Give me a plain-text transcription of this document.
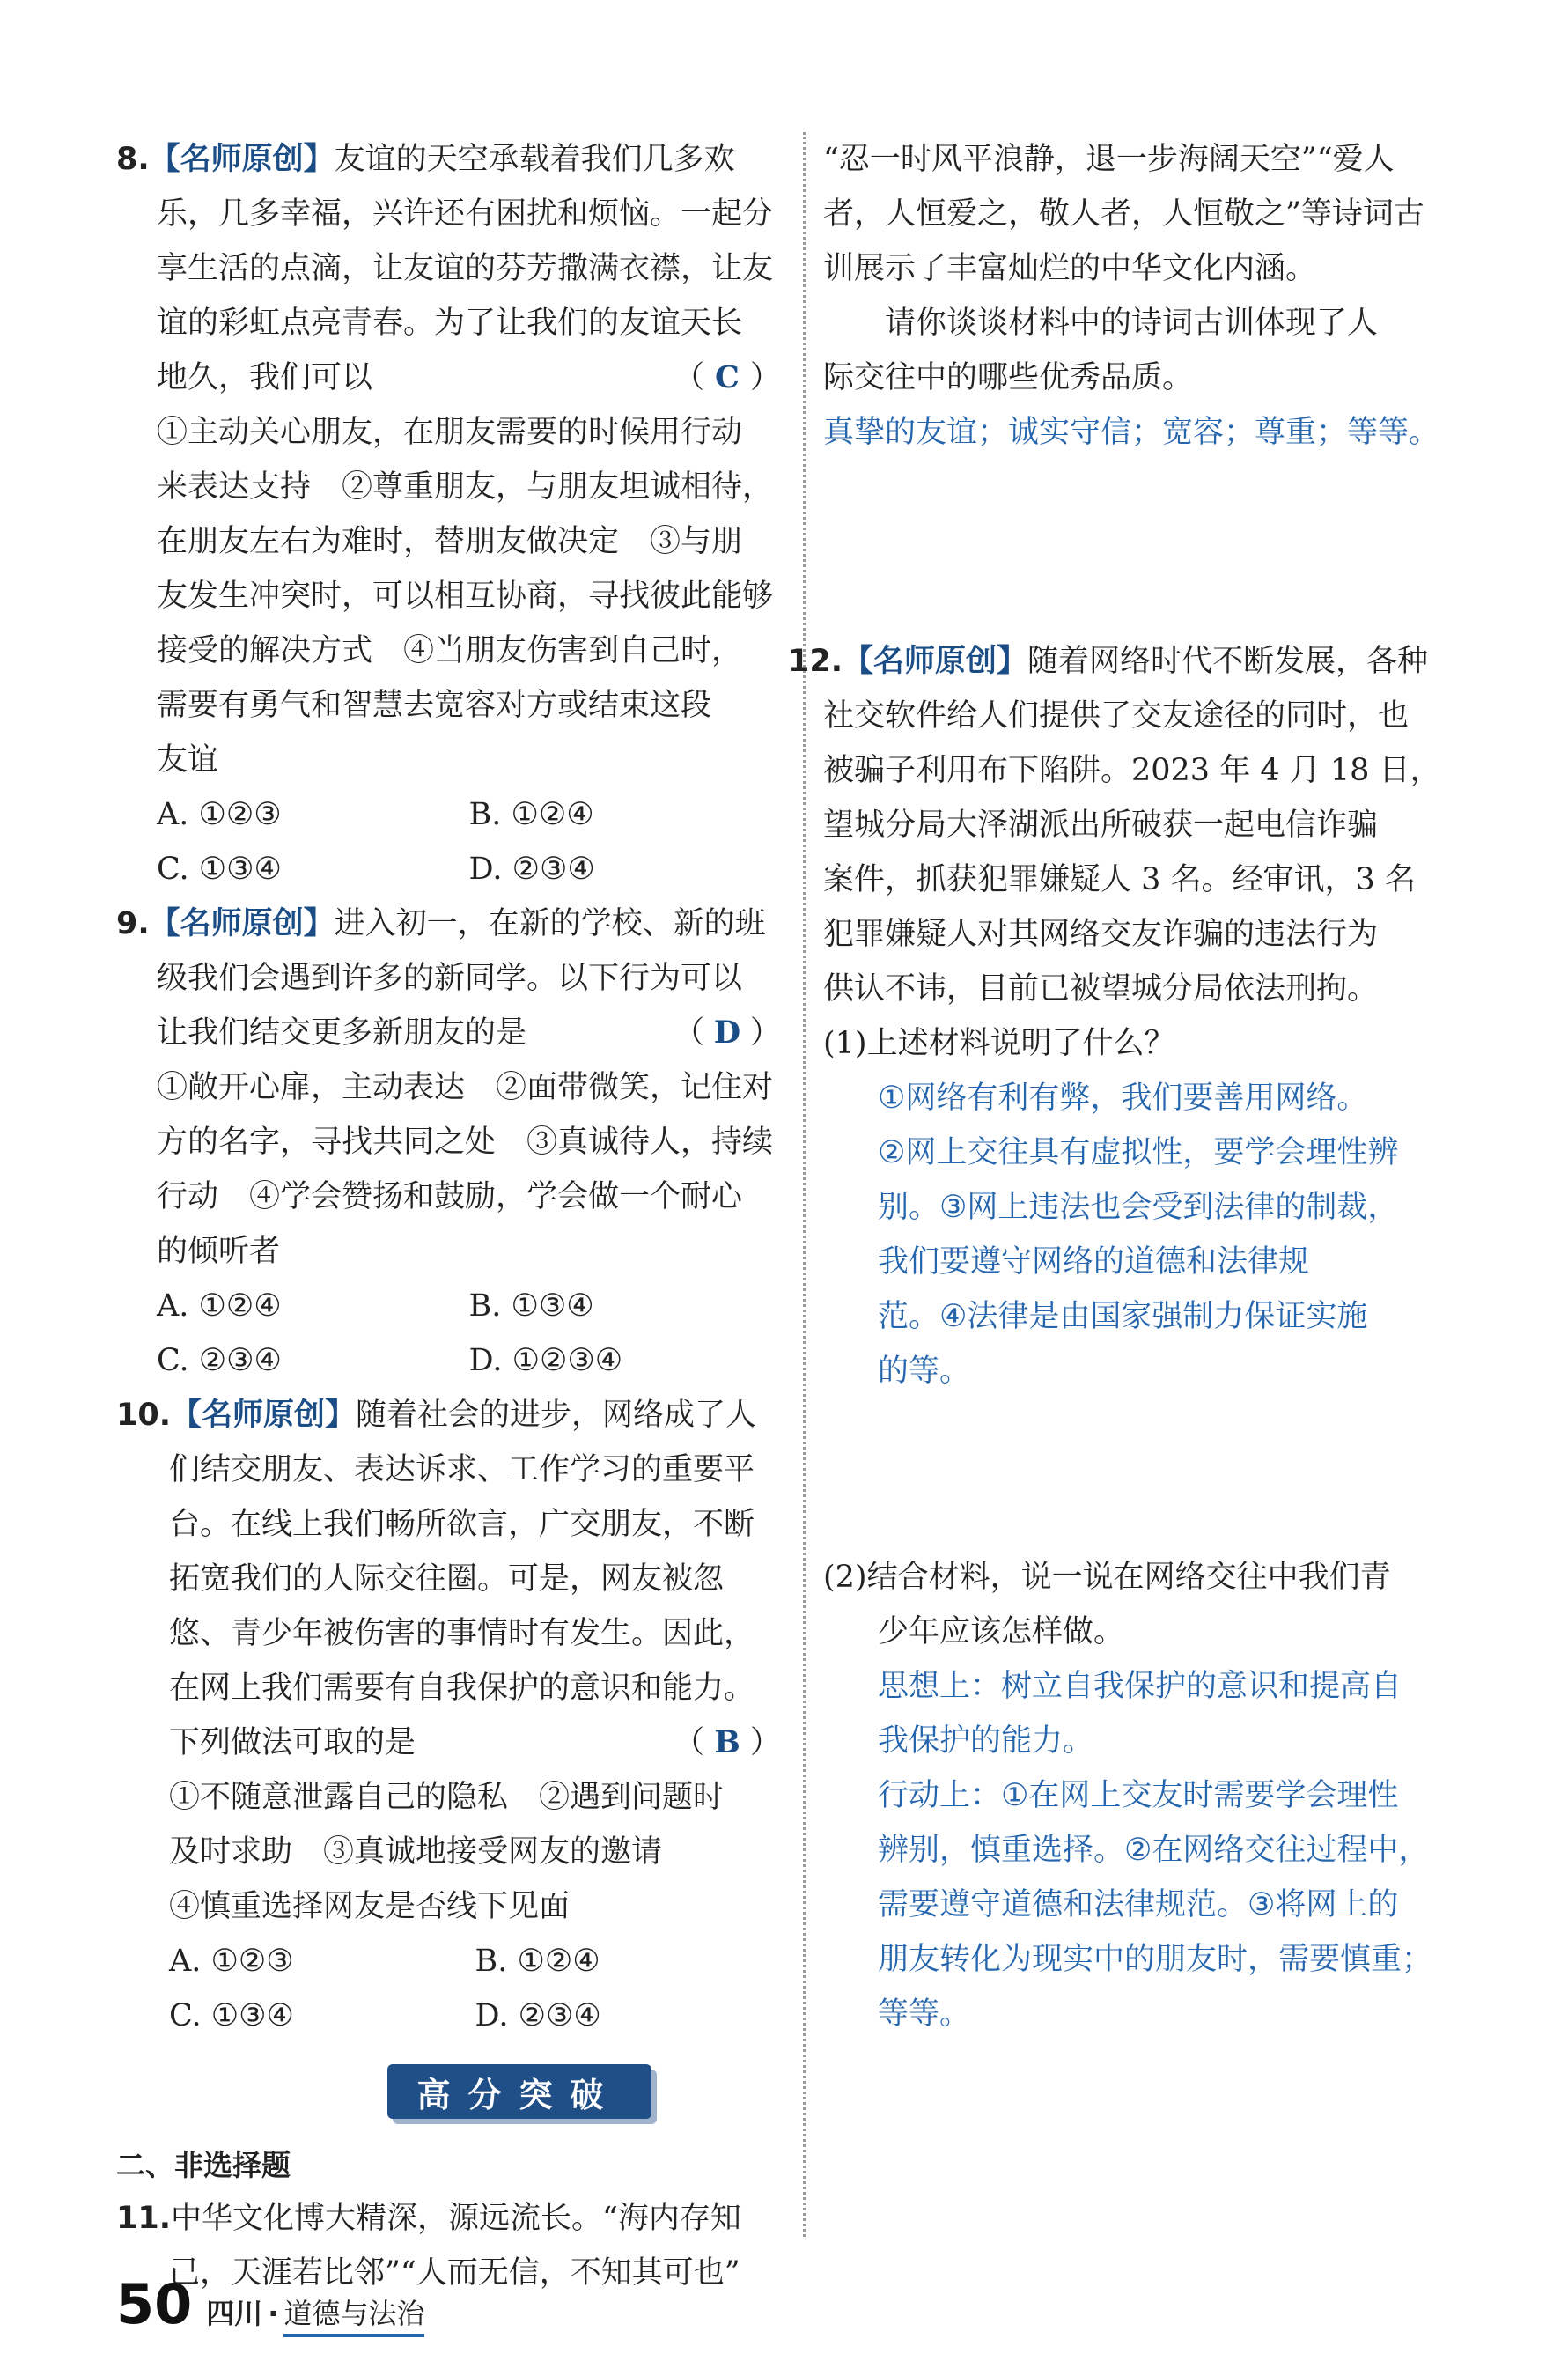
8.【名师原创】友谊的天空承载着我们几多欢
乐，几多幸福，兴许还有困扰和烦恼。一起分
享生活的点滴，让友谊的芬芳撒满衣襟，让友
谊的彩虹点亮青春。为了让我们的友谊天长
地久，我们可以	（ C ）
①主动关心朋友，在朋友需要的时候用行动
来表达支持　②尊重朋友，与朋友坦诚相待，
在朋友左右为难时，替朋友做决定　③与朋
友发生冲突时，可以相互协商，寻找彼此能够
接受的解决方式　④当朋友伤害到自己时，
需要有勇气和智慧去宽容对方或结束这段
友谊
A. ①②③	B. ①②④
C. ①③④	D. ②③④
9.【名师原创】进入初一，在新的学校、新的班
级我们会遇到许多的新同学。以下行为可以
让我们结交更多新朋友的是	（ D ）
①敞开心扉，主动表达　②面带微笑，记住对
方的名字，寻找共同之处　③真诚待人，持续
行动　④学会赞扬和鼓励，学会做一个耐心
的倾听者
A. ①②④	B. ①③④
C. ②③④	D. ①②③④
10.【名师原创】随着社会的进步，网络成了人
们结交朋友、表达诉求、工作学习的重要平
台。在线上我们畅所欲言，广交朋友，不断
拓宽我们的人际交往圈。可是，网友被忽
悠、青少年被伤害的事情时有发生。因此，
在网上我们需要有自我保护的意识和能力。
下列做法可取的是	（ B ）
①不随意泄露自己的隐私　②遇到问题时
及时求助　③真诚地接受网友的邀请
④慎重选择网友是否线下见面
A. ①②③	B. ①②④
C. ①③④	D. ②③④
高分突破
二、非选择题
11.中华文化博大精深，源远流长。“海内存知
己，天涯若比邻”“人而无信，不知其可也”
“忍一时风平浪静，退一步海阔天空”“爱人
者，人恒爱之，敬人者，人恒敬之”等诗词古
训展示了丰富灿烂的中华文化内涵。
请你谈谈材料中的诗词古训体现了人
际交往中的哪些优秀品质。
真挚的友谊；诚实守信；宽容；尊重；等等。
12.【名师原创】随着网络时代不断发展，各种
社交软件给人们提供了交友途径的同时，也
被骗子利用布下陷阱。2023 年 4 月 18 日，
望城分局大泽湖派出所破获一起电信诈骗
案件，抓获犯罪嫌疑人 3 名。经审讯，3 名
犯罪嫌疑人对其网络交友诈骗的违法行为
供认不讳，目前已被望城分局依法刑拘。
(1)上述材料说明了什么？
①网络有利有弊，我们要善用网络。
②网上交往具有虚拟性，要学会理性辨
别。③网上违法也会受到法律的制裁，
我们要遵守网络的道德和法律规
范。④法律是由国家强制力保证实施
的等。
(2)结合材料，说一说在网络交往中我们青
少年应该怎样做。
思想上：树立自我保护的意识和提高自
我保护的能力。
行动上：①在网上交友时需要学会理性
辨别，慎重选择。②在网络交往过程中，
需要遵守道德和法律规范。③将网上的
朋友转化为现实中的朋友时，需要慎重；
等等。
50 四川 · 道德与法治
